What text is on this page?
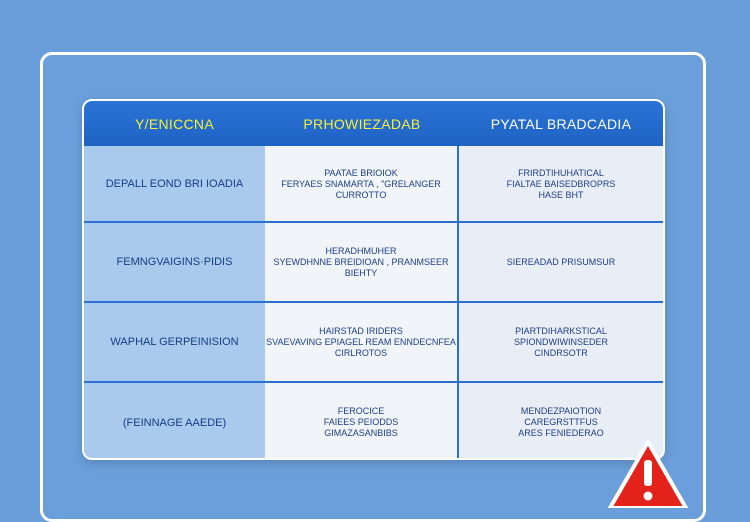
Y/ENICCNA	PRHOWIEZADAB	PYATAL BRADCADIA
DEPALL EOND BRI IOADIA
PAATAE BRIOIOK
FERYAES SNAMARTA , "GRELANGER
CURROTTO
FRIRDTIHUHATICAL
FIALTAE BAISEDBROPRS
HASE BHT
FEMNGVAIGINS·PIDIS
HERADHMUHER
SYEWDHNNE BREIDIOAN , PRANMSEER
BIEHTY
SIEREADAD PRISUMSUR
WAPHAL GERPEINISION
HAIRSTAD IRIDERS
SVAEVAVING EPIAGEL REAM ENNDECNFEA
CIRLROTOS
PIARTDIHARKSTICAL
SPIONDWIWINSEDER
CINDRSOTR
(FEINNAGE AAEDE)
FEROCICE
FAIEES PEIODDS
GIMAZASANBIBS
MENDEZPAIOTION
CAREGRSTTFUS
ARES FENIEDERAO
